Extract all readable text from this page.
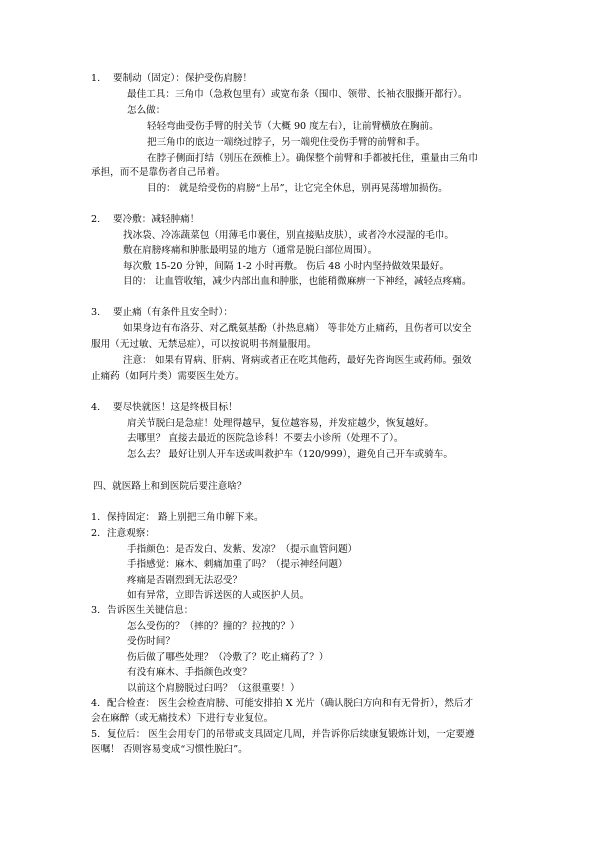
1. 要制动（固定）：保护受伤肩膀！
最佳工具：三角巾（急救包里有）或宽布条（围巾、领带、长袖衣服撕开都行）。
怎么做：
轻轻弯曲受伤手臂的肘关节（大概 90 度左右），让前臂横放在胸前。
把三角巾的底边一端绕过脖子，另一端兜住受伤手臂的前臂和手。
在脖子侧面打结（别压在颈椎上）。确保整个前臂和手都被托住，重量由三角巾
承担，而不是靠伤者自己吊着。
目的： 就是给受伤的肩膀“上吊”，让它完全休息，别再晃荡增加损伤。
2. 要冷敷：减轻肿痛！
找冰袋、冷冻蔬菜包（用薄毛巾裹住，别直接贴皮肤），或者冷水浸湿的毛巾。
敷在肩膀疼痛和肿胀最明显的地方（通常是脱臼部位周围）。
每次敷 15-20 分钟，间隔 1-2 小时再敷。 伤后 48 小时内坚持做效果最好。
目的： 让血管收缩，减少内部出血和肿胀，也能稍微麻痹一下神经，减轻点疼痛。
3. 要止痛（有条件且安全时）：
如果身边有布洛芬、对乙酰氨基酚（扑热息痛） 等非处方止痛药，且伤者可以安全
服用（无过敏、无禁忌症），可以按说明书剂量服用。
注意： 如果有胃病、肝病、肾病或者正在吃其他药，最好先咨询医生或药师。强效
止痛药（如阿片类）需要医生处方。
4. 要尽快就医！这是终极目标！
肩关节脱臼是急症！处理得越早，复位越容易，并发症越少，恢复越好。
去哪里？ 直接去最近的医院急诊科！不要去小诊所（处理不了）。
怎么去？ 最好让别人开车送或叫救护车（120/999），避免自己开车或骑车。
四、就医路上和到医院后要注意啥？
1. 保持固定： 路上别把三角巾解下来。
2. 注意观察：
手指颜色：是否发白、发紫、发凉？（提示血管问题）
手指感觉：麻木、刺痛加重了吗？（提示神经问题）
疼痛是否剧烈到无法忍受？
如有异常，立即告诉送医的人或医护人员。
3. 告诉医生关键信息：
怎么受伤的？（摔的？撞的？拉拽的？）
受伤时间？
伤后做了哪些处理？（冷敷了？吃止痛药了？）
有没有麻木、手指颜色改变？
以前这个肩膀脱过臼吗？（这很重要！）
4. 配合检查： 医生会检查肩膀、可能安排拍 X 光片（确认脱臼方向和有无骨折），然后才
会在麻醉（或无痛技术）下进行专业复位。
5. 复位后： 医生会用专门的吊带或支具固定几周，并告诉你后续康复锻炼计划，一定要遵
医嘱！ 否则容易变成“习惯性脱臼”。
